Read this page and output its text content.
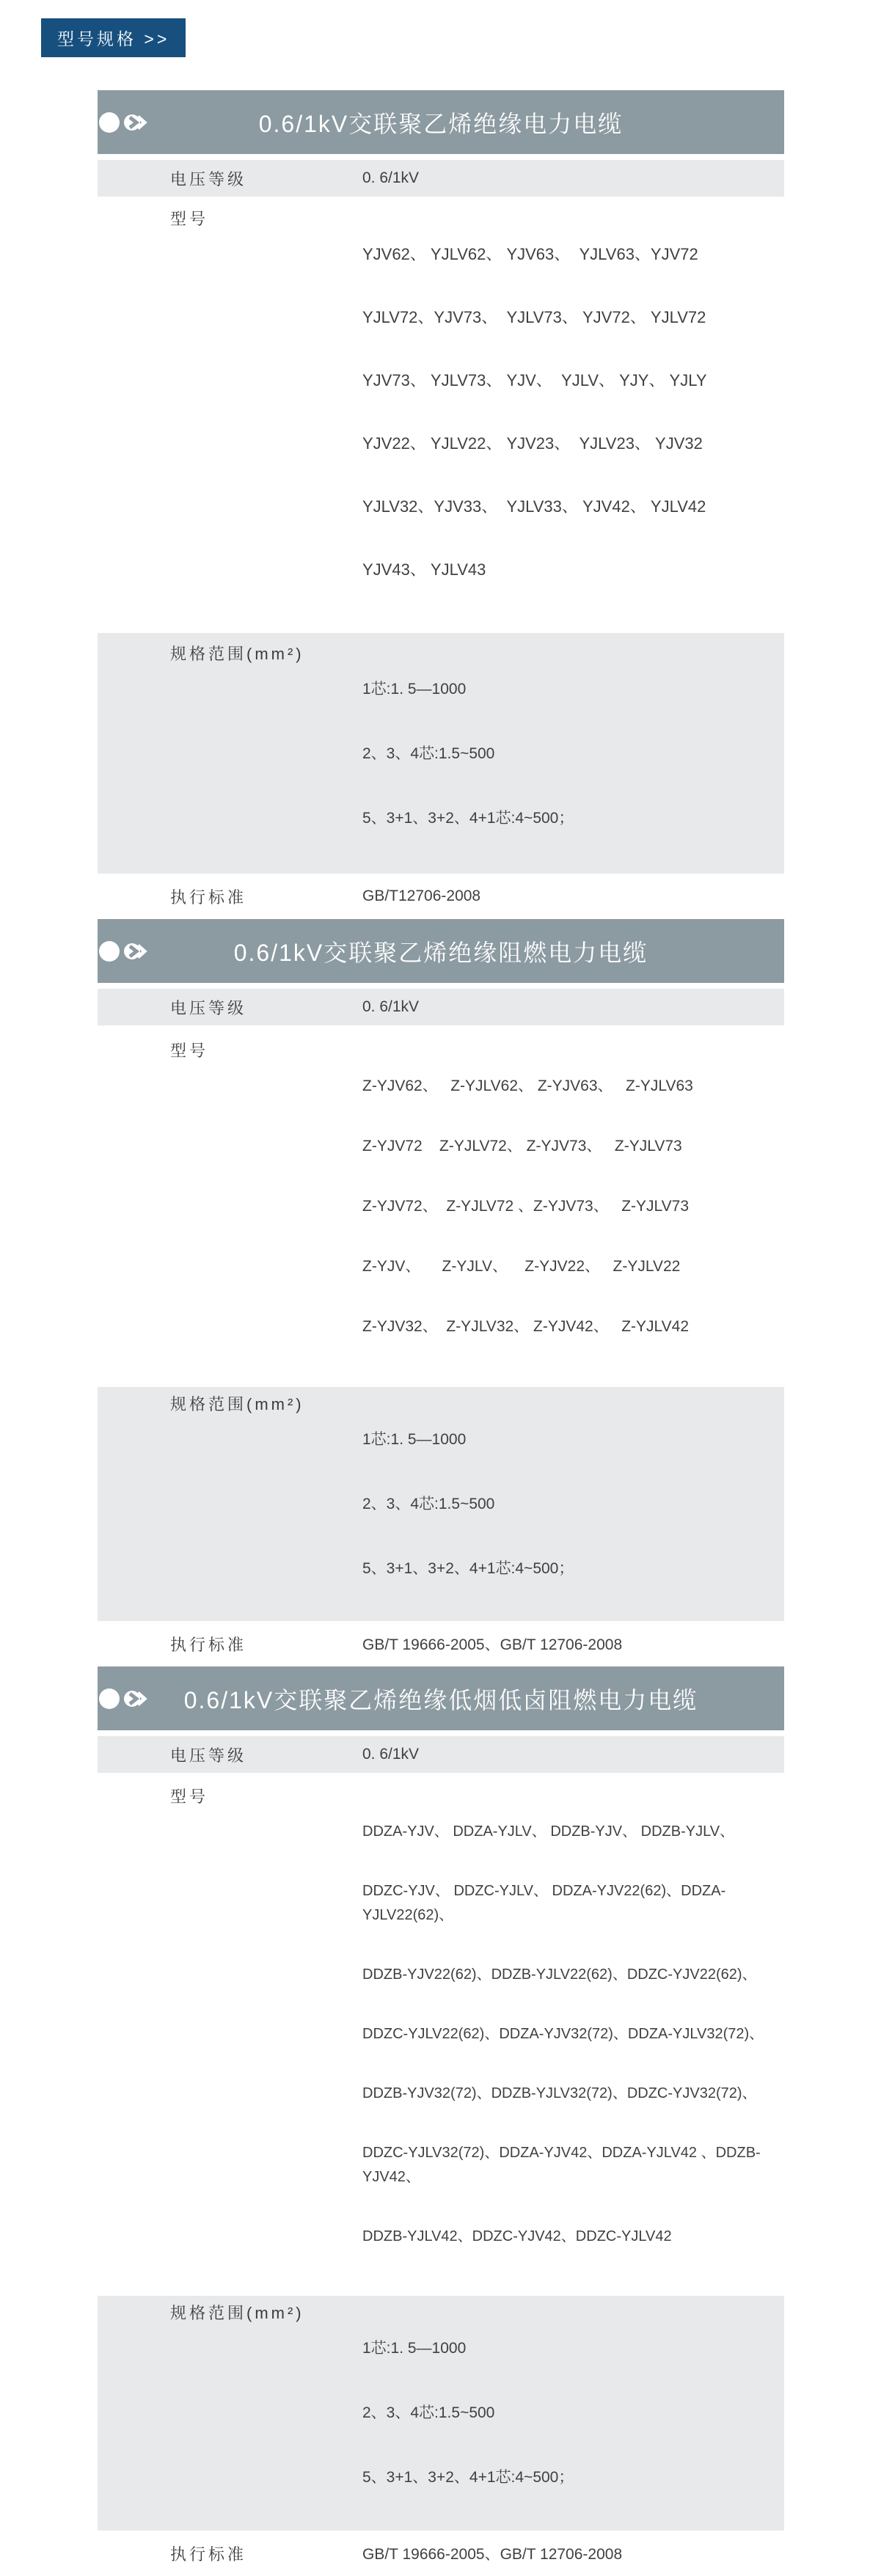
型号规格 >>
0.6/1kV交联聚乙烯绝缘电力电缆
电压等级	0. 6/1kV
型号

YJV62、 YJLV62、 YJV63、  YJLV63、YJV72

YJLV72、YJV73、  YJLV73、 YJV72、 YJLV72

YJV73、 YJLV73、 YJV、  YJLV、 YJY、 YJLY

YJV22、 YJLV22、 YJV23、  YJLV23、 YJV32

YJLV32、YJV33、  YJLV33、 YJV42、 YJLV42

YJV43、 YJLV43

规格范围(mm²)

1芯:1. 5—1000

2、3、4芯:1.5~500

5、3+1、3+2、4+1芯:4~500；

执行标准	GB/T12706-2008
0.6/1kV交联聚乙烯绝缘阻燃电力电缆
电压等级	0. 6/1kV
型号

Z-YJV62、   Z-YJLV62、 Z-YJV63、   Z-YJLV63

Z-YJV72    Z-YJLV72、 Z-YJV73、   Z-YJLV73

Z-YJV72、  Z-YJLV72 、Z-YJV73、   Z-YJLV73

Z-YJV、     Z-YJLV、    Z-YJV22、   Z-YJLV22

Z-YJV32、  Z-YJLV32、 Z-YJV42、   Z-YJLV42

规格范围(mm²)

1芯:1. 5—1000

2、3、4芯:1.5~500

5、3+1、3+2、4+1芯:4~500；

执行标准	GB/T 19666-2005、GB/T 12706-2008
0.6/1kV交联聚乙烯绝缘低烟低卤阻燃电力电缆
电压等级	0. 6/1kV
型号

DDZA-YJV、 DDZA-YJLV、 DDZB-YJV、 DDZB-YJLV、

DDZC-YJV、 DDZC-YJLV、 DDZA-YJV22(62)、DDZA-YJLV22(62)、

DDZB-YJV22(62)、DDZB-YJLV22(62)、DDZC-YJV22(62)、

DDZC-YJLV22(62)、DDZA-YJV32(72)、DDZA-YJLV32(72)、

DDZB-YJV32(72)、DDZB-YJLV32(72)、DDZC-YJV32(72)、

DDZC-YJLV32(72)、DDZA-YJV42、DDZA-YJLV42 、DDZB-YJV42、

DDZB-YJLV42、DDZC-YJV42、DDZC-YJLV42

规格范围(mm²)

1芯:1. 5—1000

2、3、4芯:1.5~500

5、3+1、3+2、4+1芯:4~500；

执行标准	GB/T 19666-2005、GB/T 12706-2008
